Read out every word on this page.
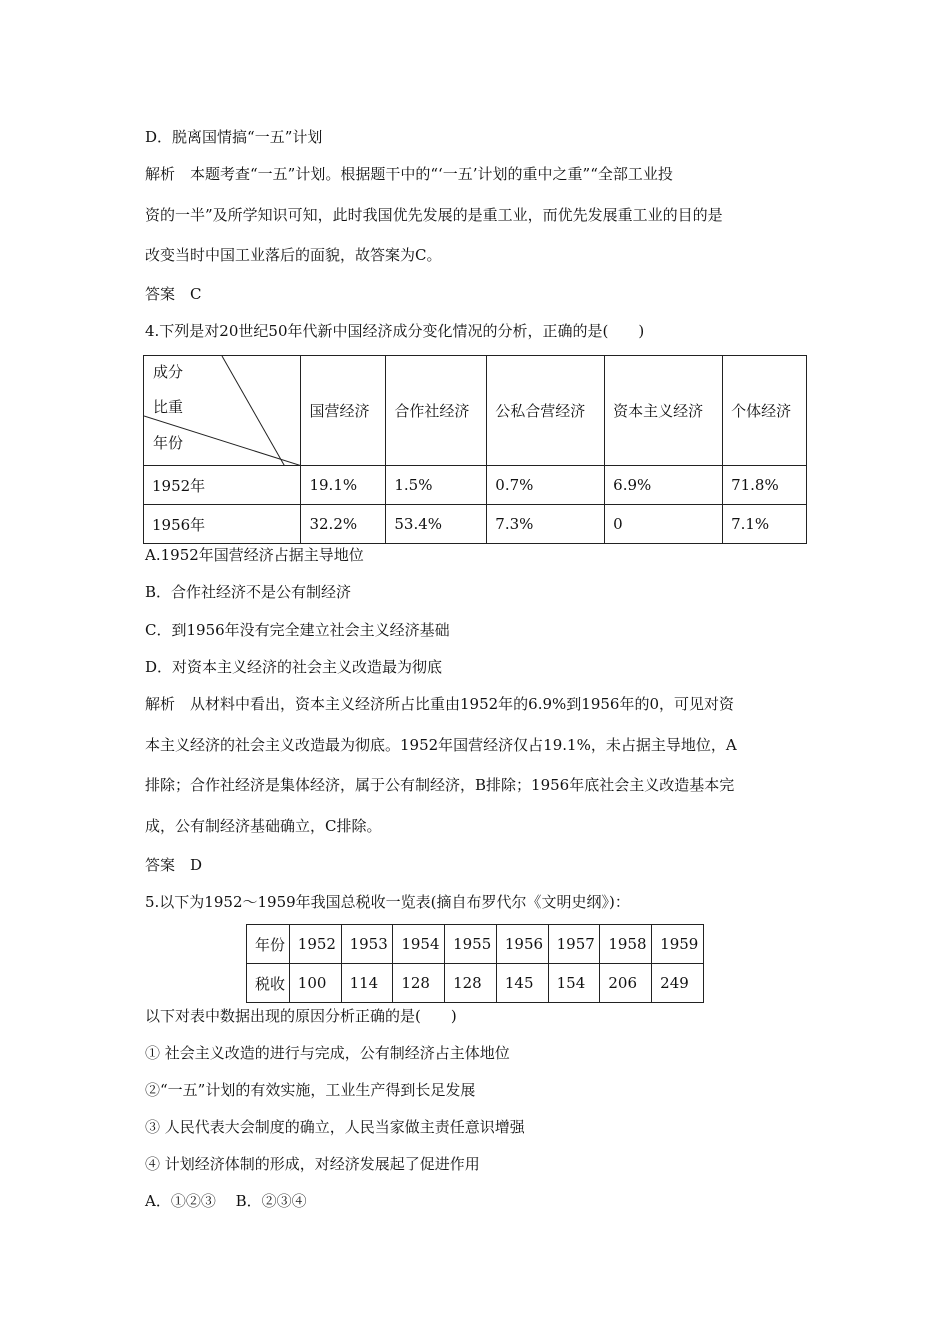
D．脱离国情搞“一五”计划
解析　本题考查“一五”计划。根据题干中的“‘一五’计划的重中之重”“全部工业投
资的一半”及所学知识可知，此时我国优先发展的是重工业，而优先发展重工业的目的是
改变当时中国工业落后的面貌，故答案为C。
答案　C
4.下列是对20世纪50年代新中国经济成分变化情况的分析，正确的是(　　)
成分
比重
年份	国营经济	合作社经济	公私合营经济	资本主义经济	个体经济
1952年	19.1%	1.5%	0.7%	6.9%	71.8%
1956年	32.2%	53.4%	7.3%	0	7.1%
A.1952年国营经济占据主导地位
B．合作社经济不是公有制经济
C．到1956年没有完全建立社会主义经济基础
D．对资本主义经济的社会主义改造最为彻底
解析　从材料中看出，资本主义经济所占比重由1952年的6.9%到1956年的0，可见对资
本主义经济的社会主义改造最为彻底。1952年国营经济仅占19.1%，未占据主导地位，A
排除；合作社经济是集体经济，属于公有制经济，B排除；1956年底社会主义改造基本完
成，公有制经济基础确立，C排除。
答案　D
5.以下为1952～1959年我国总税收一览表(摘自布罗代尔《文明史纲》)：
年份	1952	1953	1954	1955	1956	1957	1958	1959
税收	100	114	128	128	145	154	206	249
以下对表中数据出现的原因分析正确的是(　　)
① 社会主义改造的进行与完成，公有制经济占主体地位
②“一五”计划的有效实施，工业生产得到长足发展
③ 人民代表大会制度的确立，人民当家做主责任意识增强
④ 计划经济体制的形成，对经济发展起了促进作用
A．①②③　 B．②③④
